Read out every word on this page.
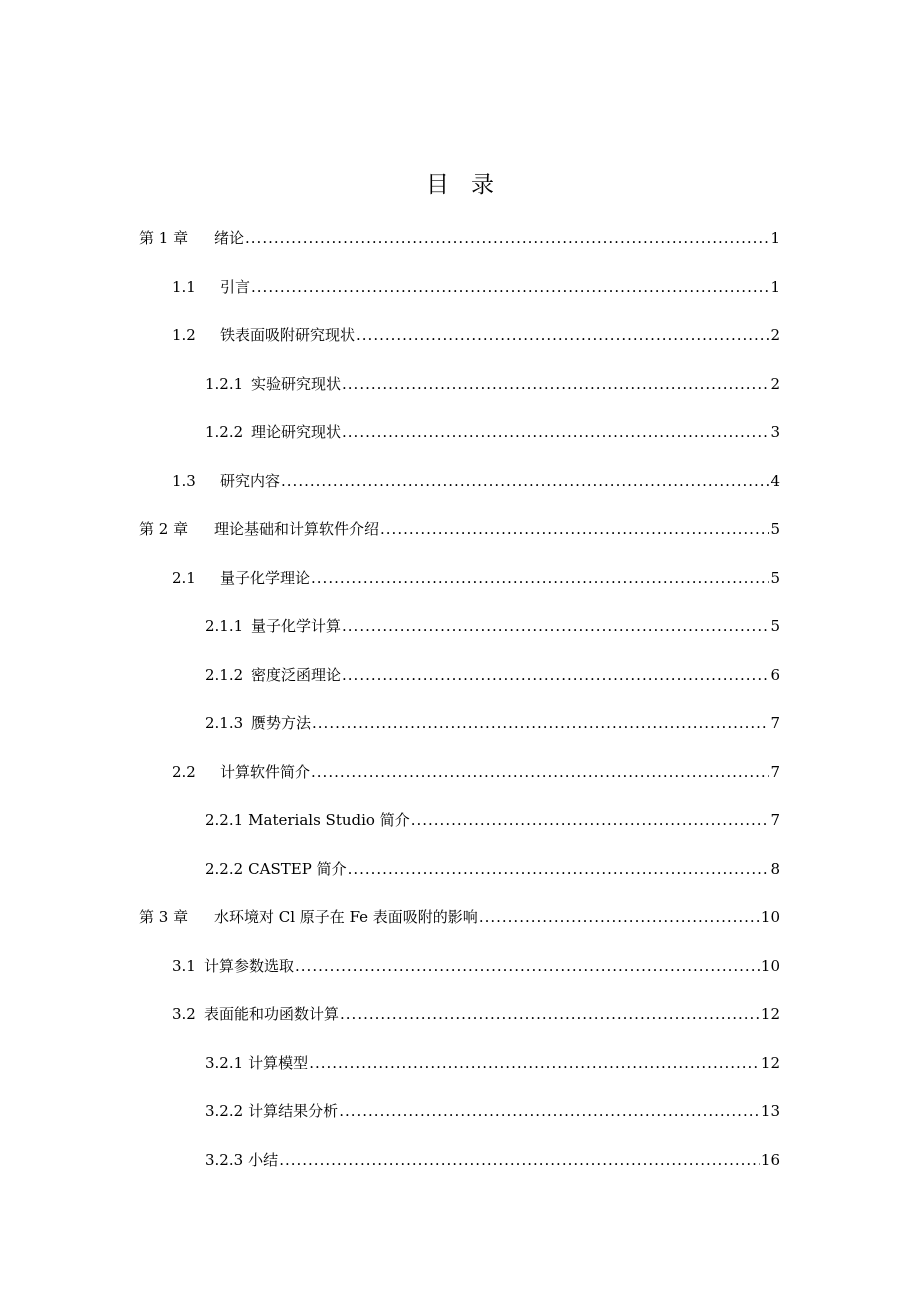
目录
第 1 章	绪论 .....	1
1.1	引言 .....	1
1.2	铁表面吸附研究现状 .....	2
1.2.1 实验研究现状 .....	2
1.2.2 理论研究现状 .....	3
1.3	研究内容 .....	4
第 2 章	理论基础和计算软件介绍 .....	5
2.1	量子化学理论 .....	5
2.1.1 量子化学计算 .....	5
2.1.2 密度泛函理论 .....	6
2.1.3 赝势方法 .....	7
2.2	计算软件简介 .....	7
2.2.1 Materials Studio 简介 .....	7
2.2.2 CASTEP 简介 .....	8
第 3 章	水环境对 Cl 原子在 Fe 表面吸附的影响 .....	10
3.1 计算参数选取 .....	10
3.2 表面能和功函数计算 .....	12
3.2.1 计算模型 .....	12
3.2.2 计算结果分析 .....	13
3.2.3 小结 .....	16
